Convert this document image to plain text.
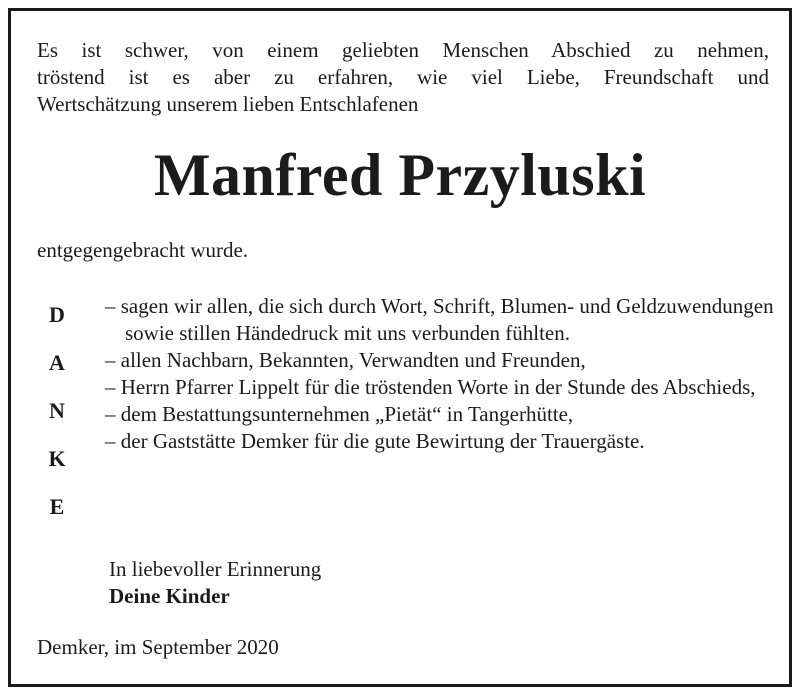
Es ist schwer, von einem geliebten Menschen Abschied zu nehmen,
tröstend ist es aber zu erfahren, wie viel Liebe, Freundschaft und
Wertschätzung unserem lieben Entschlafenen

Manfred Przyluski

entgegengebracht wurde.

D
A
N
K
E
– sagen wir allen, die sich durch Wort, Schrift, Blumen- und Geldzuwendungen sowie stillen Händedruck mit uns verbunden fühlten.
– allen Nachbarn, Bekannten, Verwandten und Freunden,
– Herrn Pfarrer Lippelt für die tröstenden Worte in der Stunde des Abschieds,
– dem Bestattungsunternehmen „Pietät“ in Tangerhütte,
– der Gaststätte Demker für die gute Bewirtung der Trauergäste.

In liebevoller Erinnerung
Deine Kinder

Demker, im September 2020
